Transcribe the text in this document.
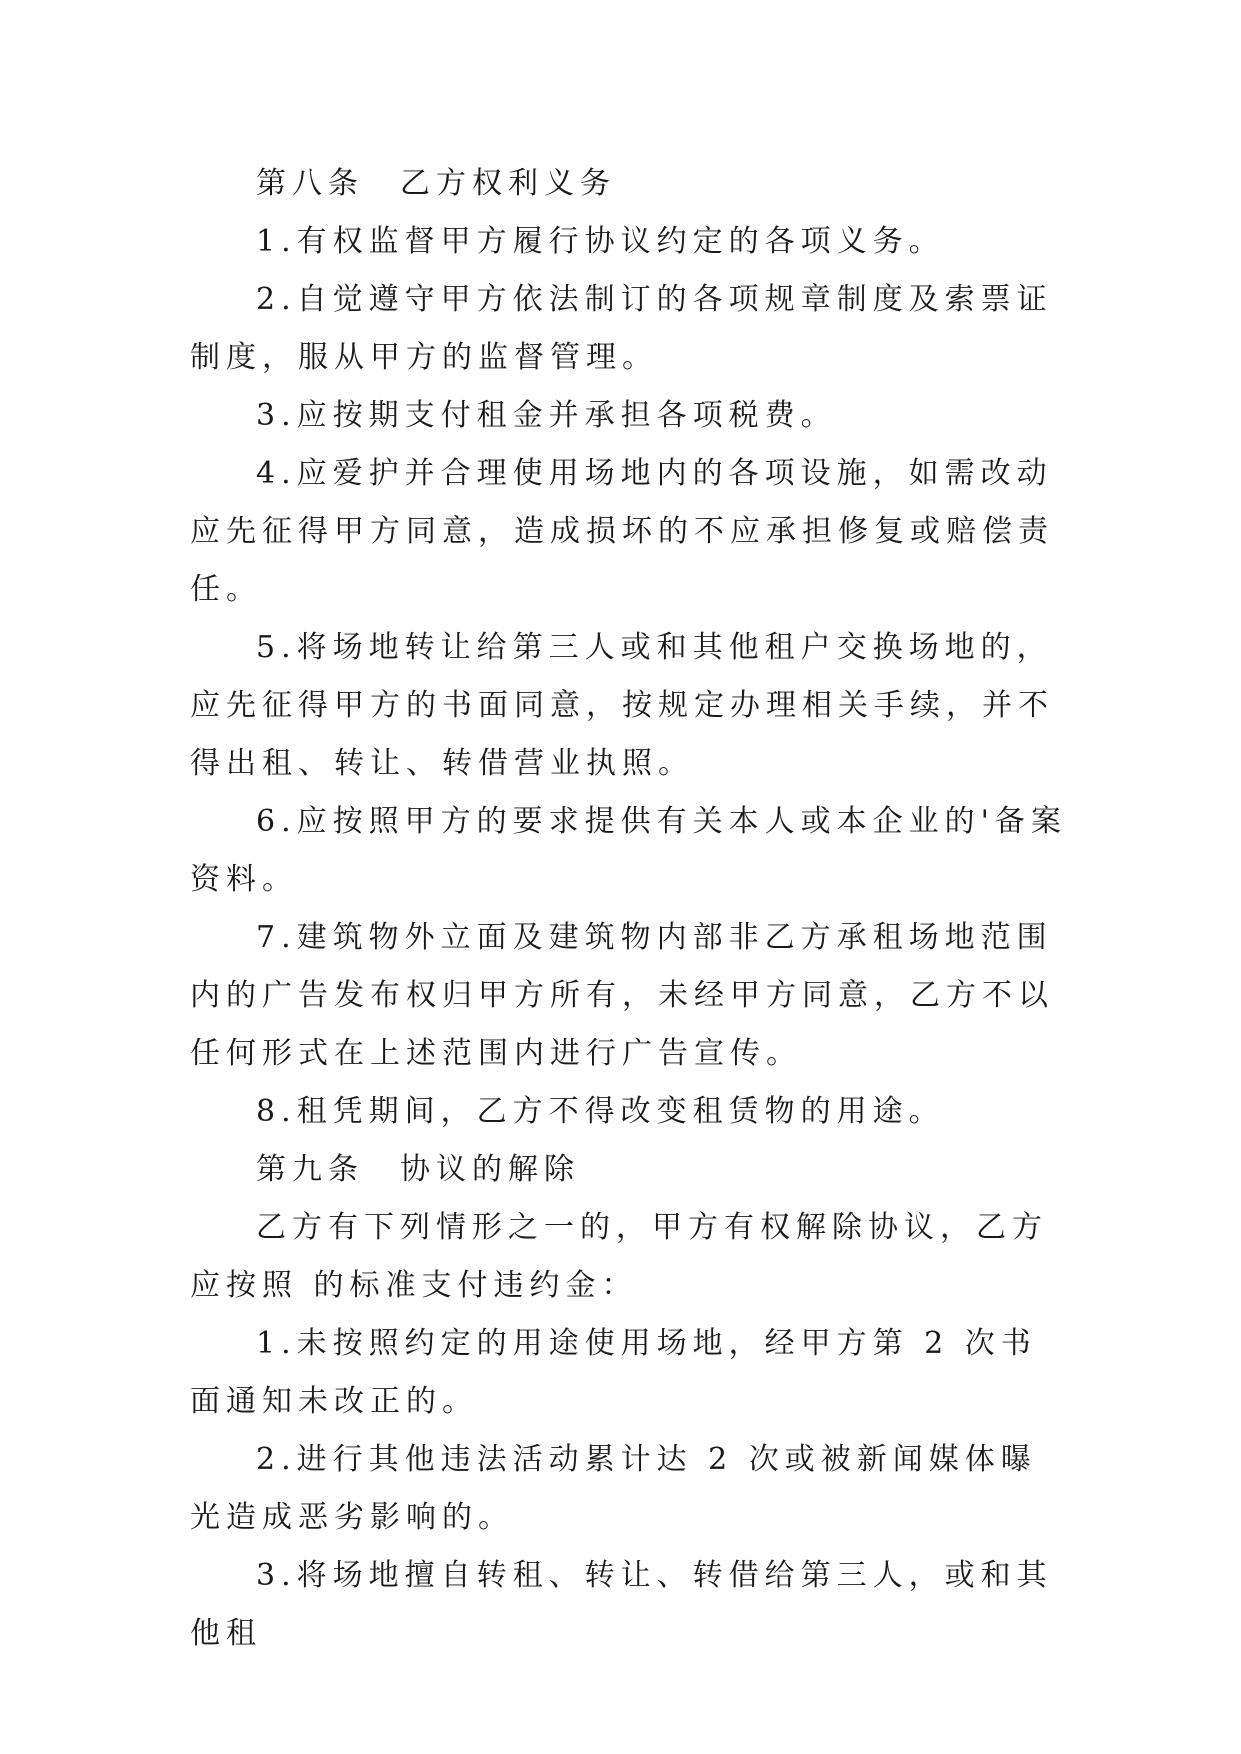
第八条　乙方权利义务

1.有权监督甲方履行协议约定的各项义务。

2.自觉遵守甲方依法制订的各项规章制度及索票证制度，服从甲方的监督管理。

3.应按期支付租金并承担各项税费。

4.应爱护并合理使用场地内的各项设施，如需改动应先征得甲方同意，造成损坏的不应承担修复或赔偿责任。

5.将场地转让给第三人或和其他租户交换场地的，应先征得甲方的书面同意，按规定办理相关手续，并不得出租、转让、转借营业执照。

6.应按照甲方的要求提供有关本人或本企业的'备案资料。

7.建筑物外立面及建筑物内部非乙方承租场地范围内的广告发布权归甲方所有，未经甲方同意，乙方不以任何形式在上述范围内进行广告宣传。

8.租凭期间，乙方不得改变租赁物的用途。

第九条　协议的解除

乙方有下列情形之一的，甲方有权解除协议，乙方应按照 的标准支付违约金：

1.未按照约定的用途使用场地，经甲方第 2 次书面通知未改正的。

2.进行其他违法活动累计达 2 次或被新闻媒体曝光造成恶劣影响的。

3.将场地擅自转租、转让、转借给第三人，或和其他租
